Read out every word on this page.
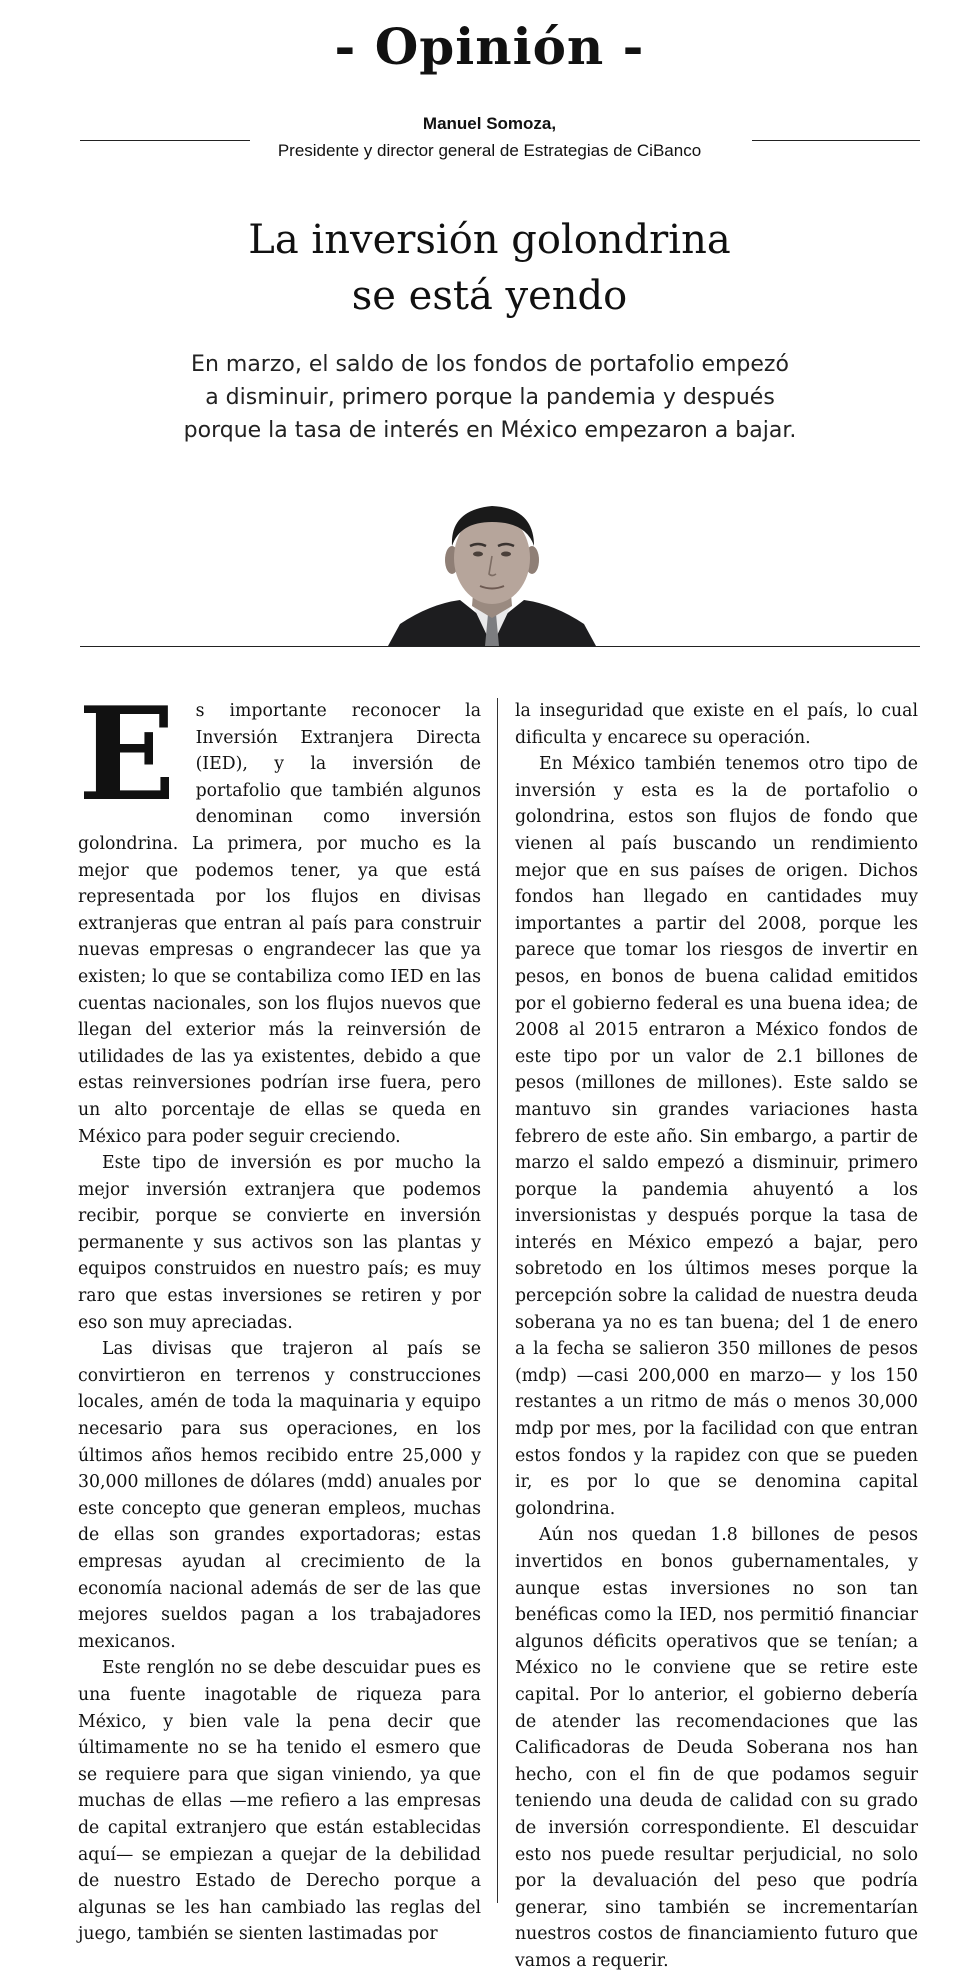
- Opinión -
Manuel Somoza,
Presidente y director general de Estrategias de CiBanco
La inversión golondrina
se está yendo
En marzo, el saldo de los fondos de portafolio empezó
a disminuir, primero porque la pandemia y después
porque la tasa de interés en México empezaron a bajar.

E s importante reconocer la Inversión Extranjera Directa (IED), y la inversión de portafolio que también algunos denominan como inversión golondrina. La primera, por mucho es la mejor que podemos tener, ya que está representada por los flujos en divisas extranjeras que entran al país para construir nuevas empresas o engrandecer las que ya existen; lo que se contabiliza como IED en las cuentas nacionales, son los flujos nuevos que llegan del exterior más la reinversión de utilidades de las ya existentes, debido a que estas reinversiones podrían irse fuera, pero un alto porcentaje de ellas se queda en México para poder seguir creciendo.

Este tipo de inversión es por mucho la mejor inversión extranjera que podemos recibir, porque se convierte en inversión permanente y sus activos son las plantas y equipos construidos en nuestro país; es muy raro que estas inversiones se retiren y por eso son muy apreciadas.

Las divisas que trajeron al país se convirtieron en terrenos y construcciones locales, amén de toda la maquinaria y equipo necesario para sus operaciones, en los últimos años hemos recibido entre 25,000 y 30,000 millones de dólares (mdd) anuales por este concepto que generan empleos, muchas de ellas son grandes exportadoras; estas empresas ayudan al crecimiento de la economía nacional además de ser de las que mejores sueldos pagan a los trabajadores mexicanos.

Este renglón no se debe descuidar pues es una fuente inagotable de riqueza para México, y bien vale la pena decir que últimamente no se ha tenido el esmero que se requiere para que sigan viniendo, ya que muchas de ellas —me refiero a las empresas de capital extranjero que están establecidas aquí— se empiezan a quejar de la debilidad de nuestro Estado de Derecho porque a algunas se les han cambiado las reglas del juego, también se sienten lastimadas por

la inseguridad que existe en el país, lo cual dificulta y encarece su operación.

En México también tenemos otro tipo de inversión y esta es la de portafolio o golondrina, estos son flujos de fondo que vienen al país buscando un rendimiento mejor que en sus países de origen. Dichos fondos han llegado en cantidades muy importantes a partir del 2008, porque les parece que tomar los riesgos de invertir en pesos, en bonos de buena calidad emitidos por el gobierno federal es una buena idea; de 2008 al 2015 entraron a México fondos de este tipo por un valor de 2.1 billones de pesos (millones de millones). Este saldo se mantuvo sin grandes variaciones hasta febrero de este año. Sin embargo, a partir de marzo el saldo empezó a disminuir, primero porque la pandemia ahuyentó a los inversionistas y después porque la tasa de interés en México empezó a bajar, pero sobretodo en los últimos meses porque la percepción sobre la calidad de nuestra deuda soberana ya no es tan buena; del 1 de enero a la fecha se salieron 350 millones de pesos (mdp) —casi 200,000 en marzo— y los 150 restantes a un ritmo de más o menos 30,000 mdp por mes, por la facilidad con que entran estos fondos y la rapidez con que se pueden ir, es por lo que se denomina capital golondrina.

Aún nos quedan 1.8 billones de pesos invertidos en bonos gubernamentales, y aunque estas inversiones no son tan benéficas como la IED, nos permitió financiar algunos déficits operativos que se tenían; a México no le conviene que se retire este capital. Por lo anterior, el gobierno debería de atender las recomendaciones que las Calificadoras de Deuda Soberana nos han hecho, con el fin de que podamos seguir teniendo una deuda de calidad con su grado de inversión correspondiente. El descuidar esto nos puede resultar perjudicial, no solo por la devaluación del peso que podría generar, sino también se incrementarían nuestros costos de financiamiento futuro que vamos a requerir.
